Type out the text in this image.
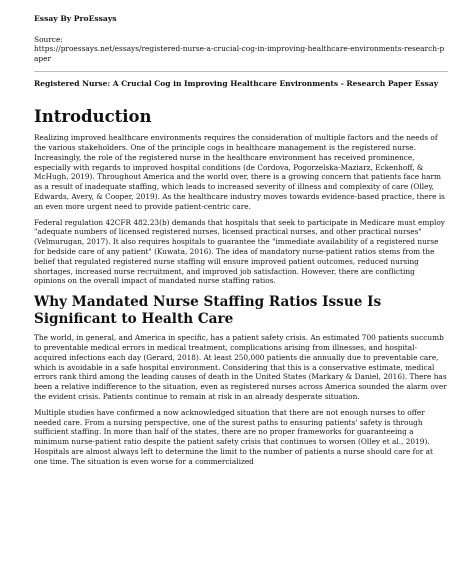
Essay By ProEssays
Source:
https://proessays.net/essays/registered-nurse-a-crucial-cog-in-improving-healthcare-environments-research-paper
Registered Nurse: A Crucial Cog in Improving Healthcare Environments - Research Paper Essay
Introduction

Realizing improved healthcare environments requires the consideration of multiple factors and the needs of the various stakeholders. One of the principle cogs in healthcare management is the registered nurse. Increasingly, the role of the registered nurse in the healthcare environment has received prominence, especially with regards to improved hospital conditions (de Cordova, Pogorzelska-Maziarz, Eckenhoff, & McHugh, 2019). Throughout America and the world over, there is a growing concern that patients face harm as a result of inadequate staffing, which leads to increased severity of illness and complexity of care (Olley, Edwards, Avery, & Cooper, 2019). As the healthcare industry moves towards evidence-based practice, there is an even more urgent need to provide patient-centric care.

Federal regulation 42CFR 482.23(b) demands that hospitals that seek to participate in Medicare must employ "adequate numbers of licensed registered nurses, licensed practical nurses, and other practical nurses" (Velmurugan, 2017). It also requires hospitals to guarantee the "immediate availability of a registered nurse for bedside care of any patient" (Kuwata, 2016). The idea of mandatory nurse-patient ratios stems from the belief that regulated registered nurse staffing will ensure improved patient outcomes, reduced nursing shortages, increased nurse recruitment, and improved job satisfaction. However, there are conflicting opinions on the overall impact of mandated nurse staffing ratios.

Why Mandated Nurse Staffing Ratios Issue Is Significant to Health Care

The world, in general, and America in specific, has a patient safety crisis. An estimated 700 patients succumb to preventable medical errors in medical treatment, complications arising from illnesses, and hospital-acquired infections each day (Gerard, 2018). At least 250,000 patients die annually due to preventable care, which is avoidable in a safe hospital environment. Considering that this is a conservative estimate, medical errors rank third among the leading causes of death in the United States (Markary & Daniel, 2016). There has been a relative indifference to the situation, even as registered nurses across America sounded the alarm over the evident crisis. Patients continue to remain at risk in an already desperate situation.

Multiple studies have confirmed a now acknowledged situation that there are not enough nurses to offer needed care. From a nursing perspective, one of the surest paths to ensuring patients' safety is through sufficient staffing. In more than half of the states, there are no proper frameworks for guaranteeing a minimum nurse-patient ratio despite the patient safety crisis that continues to worsen (Olley et al., 2019). Hospitals are almost always left to determine the limit to the number of patients a nurse should care for at one time. The situation is even worse for a commercialized
